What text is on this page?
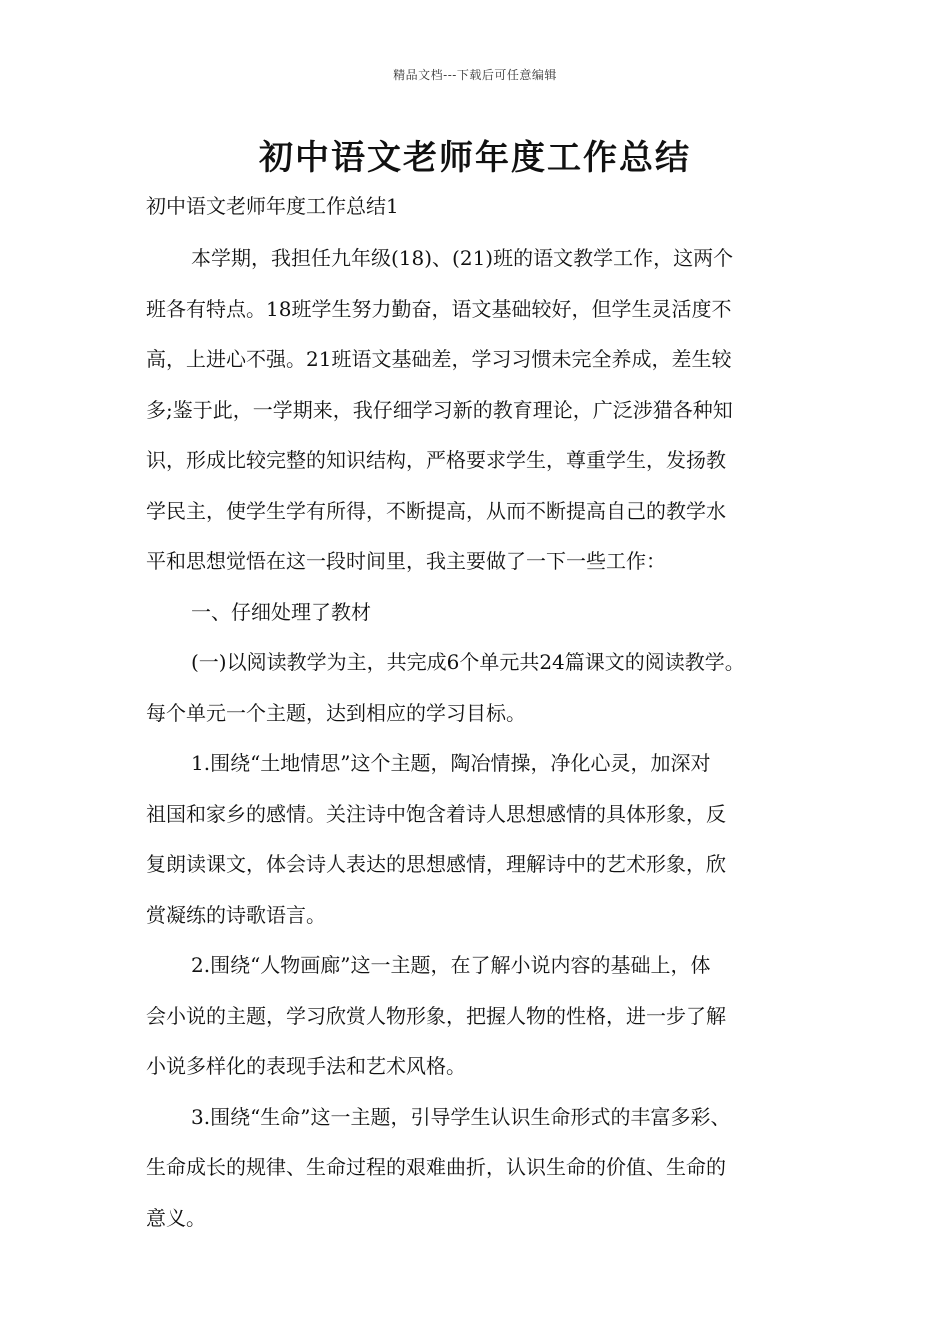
精品文档---下载后可任意编辑
初中语文老师年度工作总结

初中语文老师年度工作总结1

本学期，我担任九年级(18)、(21)班的语文教学工作，这两个
班各有特点。18班学生努力勤奋，语文基础较好，但学生灵活度不
高，上进心不强。21班语文基础差，学习习惯未完全养成，差生较
多;鉴于此，一学期来，我仔细学习新的教育理论，广泛涉猎各种知
识，形成比较完整的知识结构，严格要求学生，尊重学生，发扬教
学民主，使学生学有所得，不断提高，从而不断提高自己的教学水
平和思想觉悟在这一段时间里，我主要做了一下一些工作：

一、仔细处理了教材

(一)以阅读教学为主，共完成6个单元共24篇课文的阅读教学。
每个单元一个主题，达到相应的学习目标。

1.围绕“土地情思”这个主题，陶冶情操，净化心灵，加深对
祖国和家乡的感情。关注诗中饱含着诗人思想感情的具体形象，反
复朗读课文，体会诗人表达的思想感情，理解诗中的艺术形象，欣
赏凝练的诗歌语言。

2.围绕“人物画廊”这一主题，在了解小说内容的基础上，体
会小说的主题，学习欣赏人物形象，把握人物的性格，进一步了解
小说多样化的表现手法和艺术风格。

3.围绕“生命”这一主题，引导学生认识生命形式的丰富多彩、
生命成长的规律、生命过程的艰难曲折，认识生命的价值、生命的
意义。
